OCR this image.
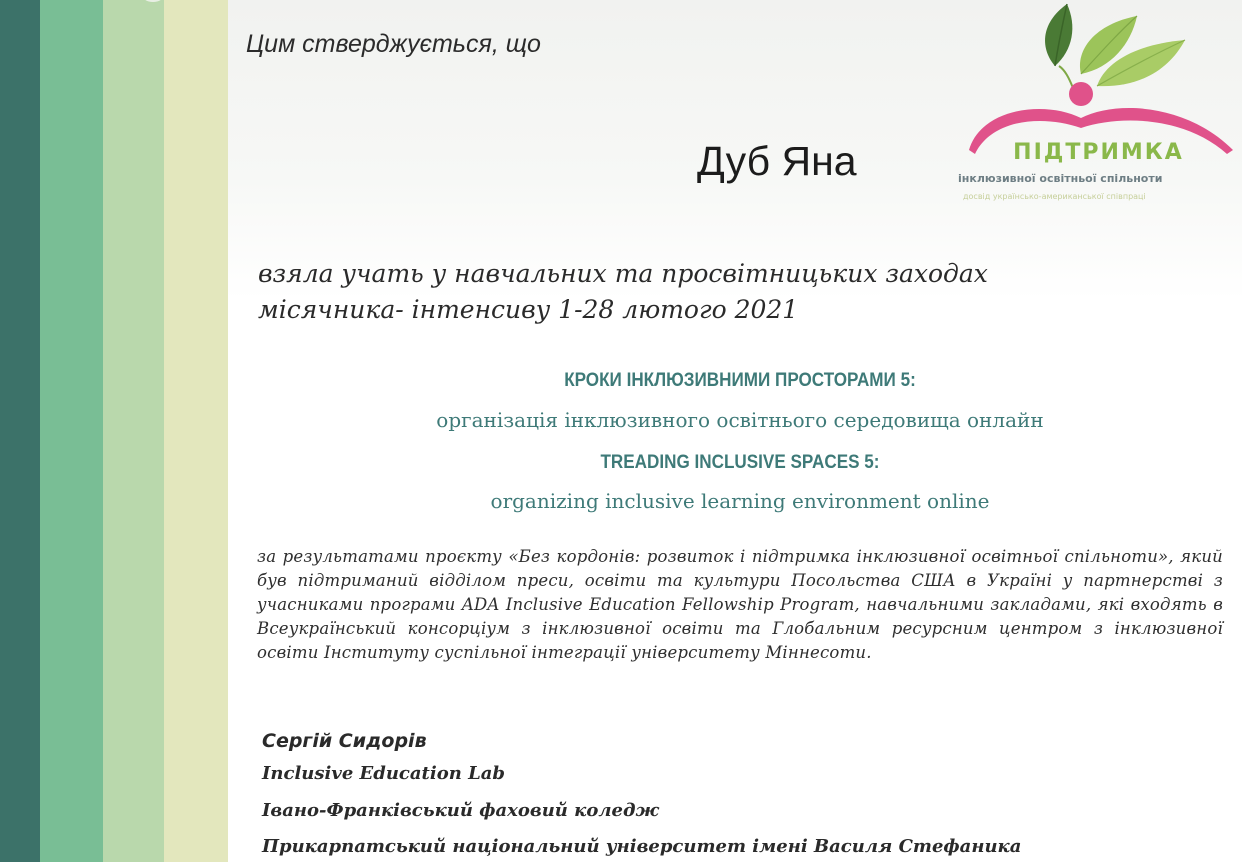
Цим стверджується, що
Дуб Яна	ПІДТРИМКА
інклюзивної освітньої спільноти
досвід українсько-американської співпраці
взяла учать у навчальних та просвітницьких заходах
місячника- інтенсиву 1-28 лютого 2021
КРОКИ ІНКЛЮЗИВНИМИ ПРОСТОРАМИ 5:
організація інклюзивного освітнього середовища онлайн
TREADING INCLUSIVE SPACES 5:
organizing inclusive learning environment online
за результатами проєкту «Без кордонів: розвиток і підтримка інклюзивної освітньої спільноти», який був підтриманий відділом преси, освіти та культури Посольства США в Україні у партнерстві з учасниками програми ADA Inclusive Education Fellowship Program, навчальними закладами, які входять в Всеукраїнський консорціум з інклюзивної освіти та Глобальним ресурсним центром з інклюзивної освіти Інституту суспільної інтеграції університету Міннесоти.
Сергій Сидорів
Inclusive Education Lab
Івано-Франківський фаховий коледж
Прикарпатський національний університет імені Василя Стефаника
